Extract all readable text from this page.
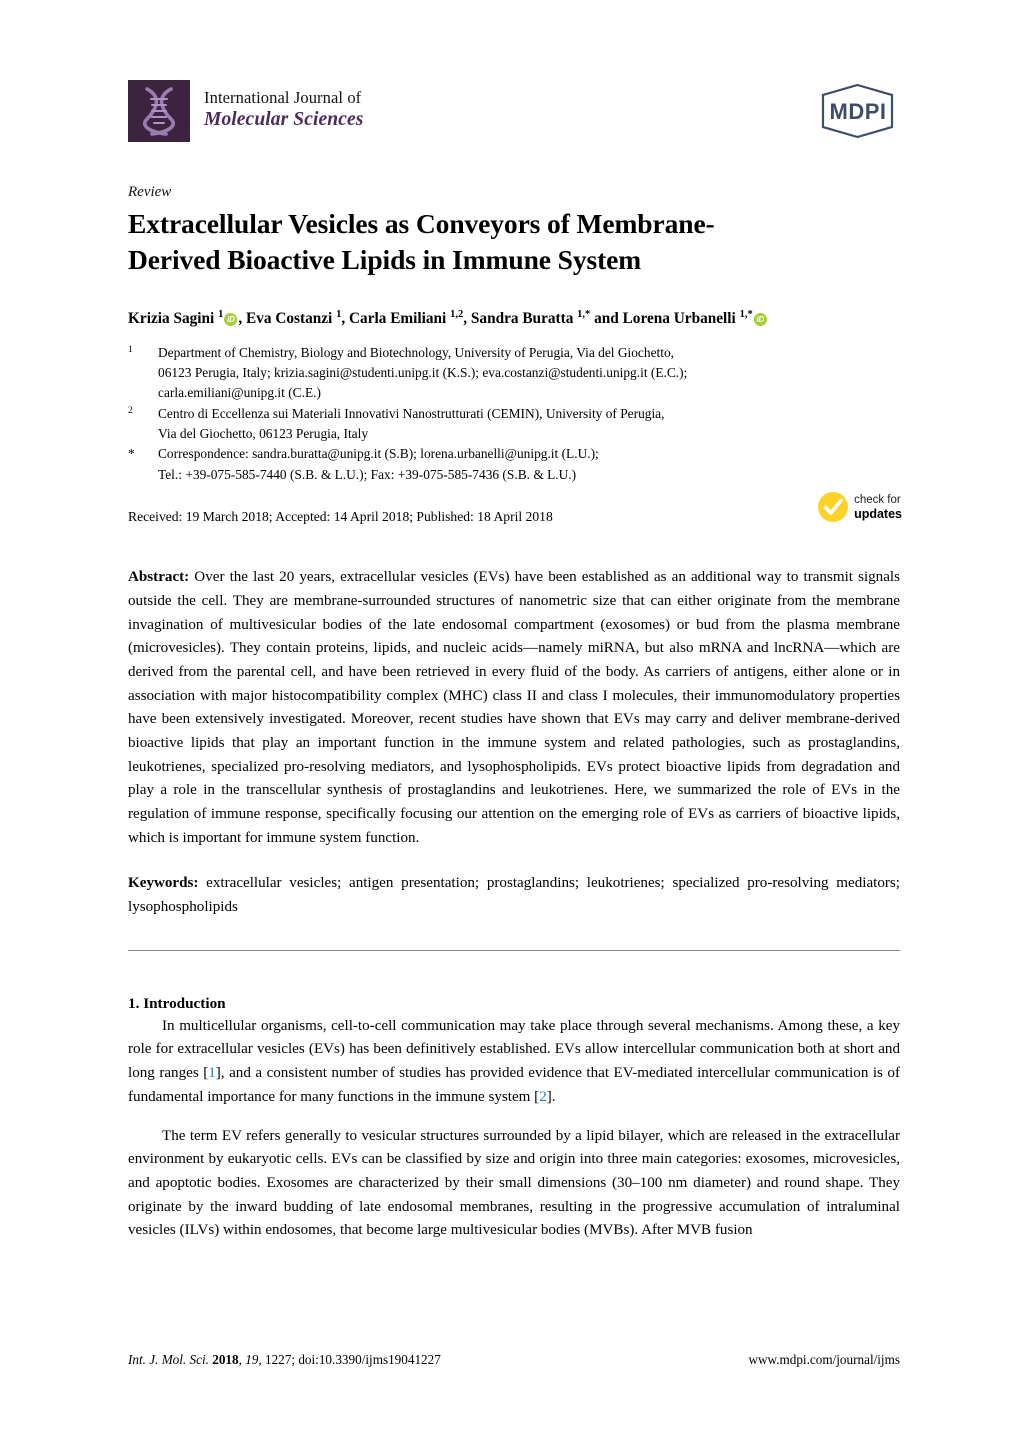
International Journal of
Molecular Sciences	MDPI
Review
Extracellular Vesicles as Conveyors of Membrane-Derived Bioactive Lipids in Immune System
Krizia Sagini $^1$ iD , Eva Costanzi $^1$, Carla Emiliani $^{1,2}$, Sandra Buratta $^{1,*}$ and Lorena Urbanelli $^{1,*}$ iD
$^1$	Department of Chemistry, Biology and Biotechnology, University of Perugia, Via del Giochetto,
06123 Perugia, Italy; krizia.sagini@studenti.unipg.it (K.S.); eva.costanzi@studenti.unipg.it (E.C.);
carla.emiliani@unipg.it (C.E.)
$^2$	Centro di Eccellenza sui Materiali Innovativi Nanostrutturati (CEMIN), University of Perugia,
Via del Giochetto, 06123 Perugia, Italy
*	Correspondence: sandra.buratta@unipg.it (S.B); lorena.urbanelli@unipg.it (L.U.);
Tel.: +39-075-585-7440 (S.B. & L.U.); Fax: +39-075-585-7436 (S.B. & L.U.)
Received: 19 March 2018; Accepted: 14 April 2018; Published: 18 April 2018
check for
updates
Abstract: Over the last 20 years, extracellular vesicles (EVs) have been established as an additional way to transmit signals outside the cell. They are membrane-surrounded structures of nanometric size that can either originate from the membrane invagination of multivesicular bodies of the late endosomal compartment (exosomes) or bud from the plasma membrane (microvesicles). They contain proteins, lipids, and nucleic acids—namely miRNA, but also mRNA and lncRNA—which are derived from the parental cell, and have been retrieved in every fluid of the body. As carriers of antigens, either alone or in association with major histocompatibility complex (MHC) class II and class I molecules, their immunomodulatory properties have been extensively investigated. Moreover, recent studies have shown that EVs may carry and deliver membrane-derived bioactive lipids that play an important function in the immune system and related pathologies, such as prostaglandins, leukotrienes, specialized pro-resolving mediators, and lysophospholipids. EVs protect bioactive lipids from degradation and play a role in the transcellular synthesis of prostaglandins and leukotrienes. Here, we summarized the role of EVs in the regulation of immune response, specifically focusing our attention on the emerging role of EVs as carriers of bioactive lipids, which is important for immune system function.
Keywords: extracellular vesicles; antigen presentation; prostaglandins; leukotrienes; specialized pro-resolving mediators; lysophospholipids
1. Introduction

In multicellular organisms, cell-to-cell communication may take place through several mechanisms. Among these, a key role for extracellular vesicles (EVs) has been definitively established. EVs allow intercellular communication both at short and long ranges [1], and a consistent number of studies has provided evidence that EV-mediated intercellular communication is of fundamental importance for many functions in the immune system [2].

The term EV refers generally to vesicular structures surrounded by a lipid bilayer, which are released in the extracellular environment by eukaryotic cells. EVs can be classified by size and origin into three main categories: exosomes, microvesicles, and apoptotic bodies. Exosomes are characterized by their small dimensions (30–100 nm diameter) and round shape. They originate by the inward budding of late endosomal membranes, resulting in the progressive accumulation of intraluminal vesicles (ILVs) within endosomes, that become large multivesicular bodies (MVBs). After MVB fusion

Int. J. Mol. Sci. 2018, 19, 1227; doi:10.3390/ijms19041227	www.mdpi.com/journal/ijms
